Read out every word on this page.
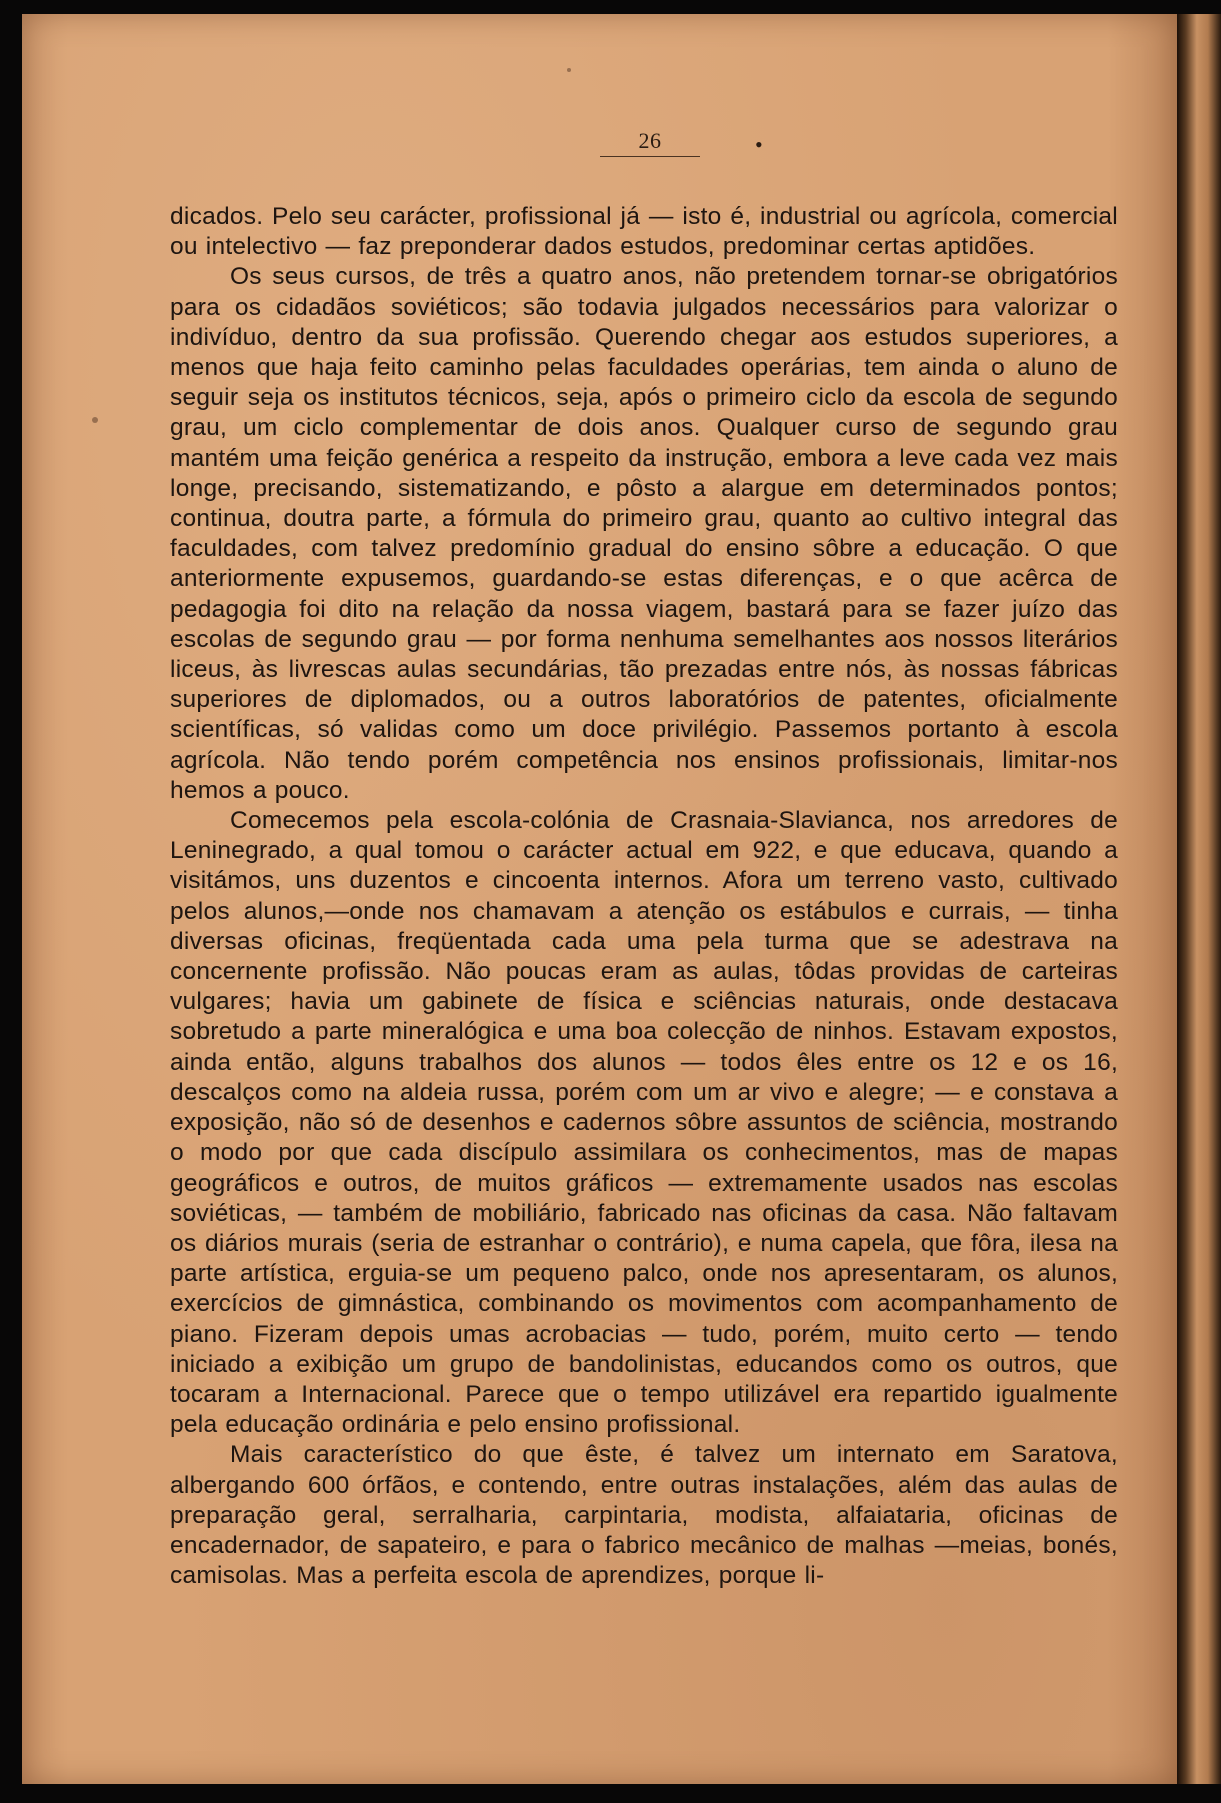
26	•

dicados. Pelo seu carácter, profissional já — isto é, industrial ou agrícola, comercial ou intelectivo — faz preponderar dados estudos, predominar certas aptidões.

Os seus cursos, de três a quatro anos, não pretendem tornar-se obrigatórios para os cidadãos soviéticos; são todavia julgados necessários para valorizar o indivíduo, dentro da sua profissão. Querendo chegar aos estudos superiores, a menos que haja feito caminho pelas faculdades operárias, tem ainda o aluno de seguir seja os institutos técnicos, seja, após o primeiro ciclo da escola de segundo grau, um ciclo complementar de dois anos. Qualquer curso de segundo grau mantém uma feição genérica a respeito da instrução, embora a leve cada vez mais longe, precisando, sistematizando, e pôsto a alargue em determinados pontos; continua, doutra parte, a fórmula do primeiro grau, quanto ao cultivo integral das faculdades, com talvez predomínio gradual do ensino sôbre a educação. O que anteriormente expusemos, guardando-se estas diferenças, e o que acêrca de pedagogia foi dito na relação da nossa viagem, bastará para se fazer juízo das escolas de segundo grau — por forma nenhuma semelhantes aos nossos literários liceus, às livrescas aulas secundárias, tão prezadas entre nós, às nossas fábricas superiores de diplomados, ou a outros laboratórios de patentes, oficialmente scientíficas, só validas como um doce privilégio. Passemos portanto à escola agrícola. Não tendo porém competência nos ensinos profissionais, limitar-nos hemos a pouco.

Comecemos pela escola-colónia de Crasnaia-Slavianca, nos arredores de Leninegrado, a qual tomou o carácter actual em 922, e que educava, quando a visitámos, uns duzentos e cincoenta internos. Afora um terreno vasto, cultivado pelos alunos,—onde nos chamavam a atenção os estábulos e currais, — tinha diversas oficinas, freqüentada cada uma pela turma que se adestrava na concernente profissão. Não poucas eram as aulas, tôdas providas de carteiras vulgares; havia um gabinete de física e sciências naturais, onde destacava sobretudo a parte mineralógica e uma boa colecção de ninhos. Estavam expostos, ainda então, alguns trabalhos dos alunos — todos êles entre os 12 e os 16, descalços como na aldeia russa, porém com um ar vivo e alegre; — e constava a exposição, não só de desenhos e cadernos sôbre assuntos de sciência, mostrando o modo por que cada discípulo assimilara os conhecimentos, mas de mapas geográficos e outros, de muitos gráficos — extremamente usados nas escolas soviéticas, — também de mobiliário, fabricado nas oficinas da casa. Não faltavam os diários murais (seria de estranhar o contrário), e numa capela, que fôra, ilesa na parte artística, erguia-se um pequeno palco, onde nos apresentaram, os alunos, exercícios de gimnástica, combinando os movimentos com acompanhamento de piano. Fizeram depois umas acrobacias — tudo, porém, muito certo — tendo iniciado a exibição um grupo de bandolinistas, educandos como os outros, que tocaram a Internacional. Parece que o tempo utilizável era repartido igualmente pela educação ordinária e pelo ensino profissional.

Mais característico do que êste, é talvez um internato em Saratova, albergando 600 órfãos, e contendo, entre outras instalações, além das aulas de preparação geral, serralharia, carpintaria, modista, alfaiataria, oficinas de encadernador, de sapateiro, e para o fabrico mecânico de malhas —meias, bonés, camisolas. Mas a perfeita escola de aprendizes, porque li-
